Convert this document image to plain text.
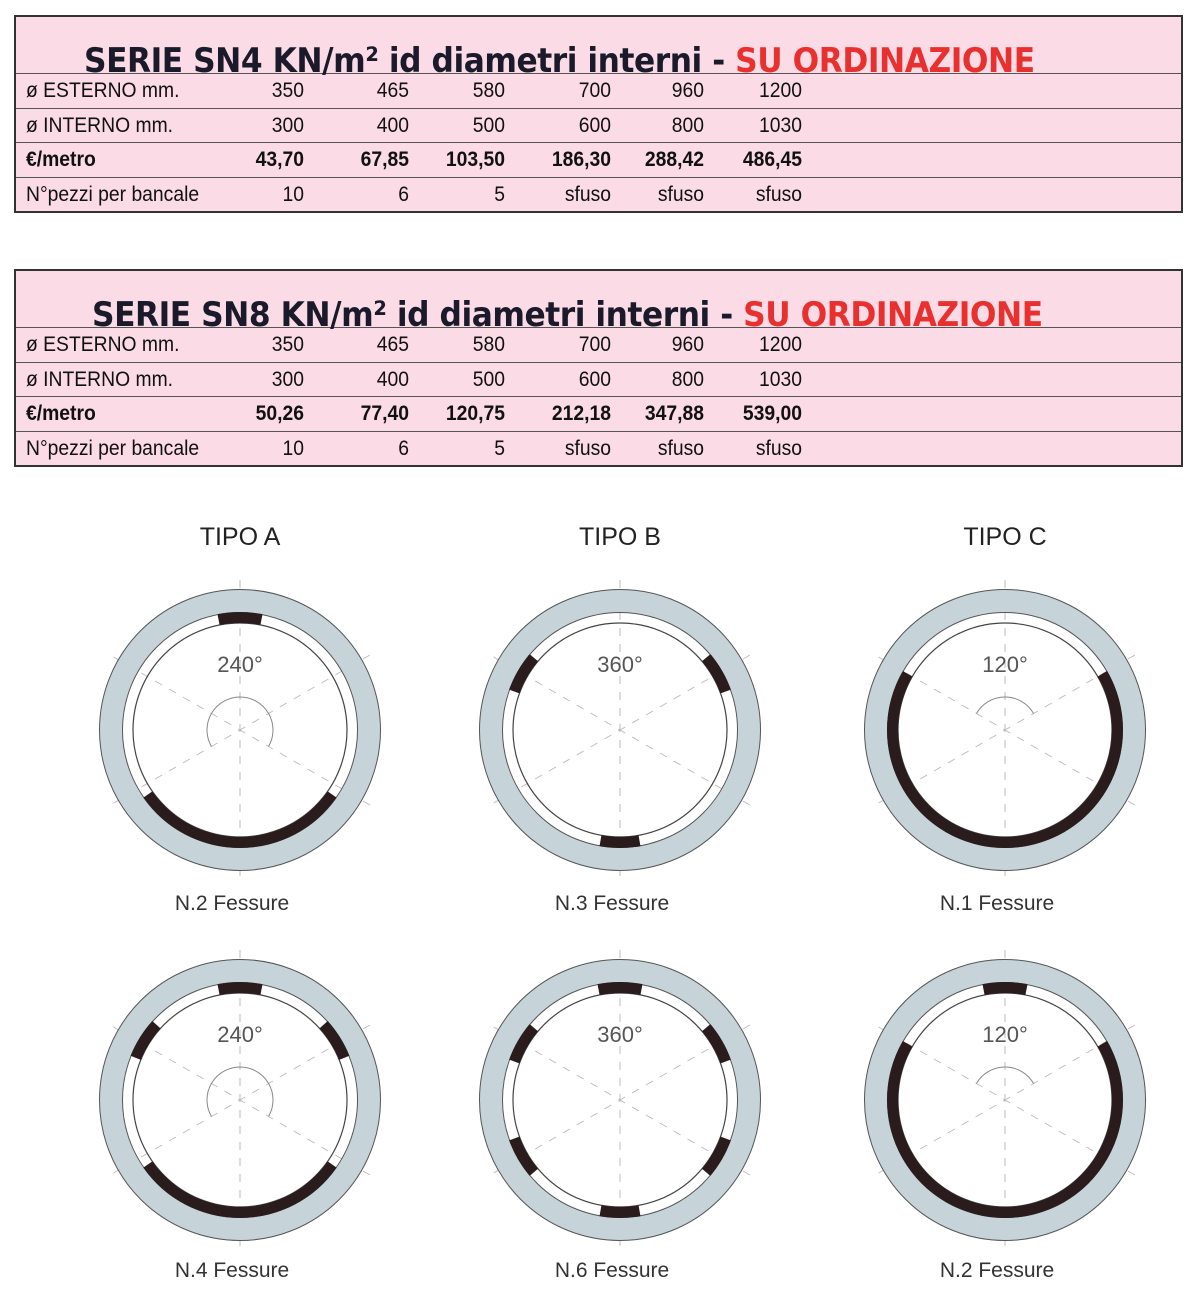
SERIE SN4 KN/m² id diametri interni - SU ORDINAZIONE
ø ESTERNO mm.	350	465	580	700	960	1200
ø INTERNO mm.	300	400	500	600	800	1030
€/metro	43,70	67,85	103,50	186,30	288,42	486,45
N°pezzi per bancale	10	6	5	sfuso	sfuso	sfuso
SERIE SN8 KN/m² id diametri interni - SU ORDINAZIONE
ø ESTERNO mm.	350	465	580	700	960	1200
ø INTERNO mm.	300	400	500	600	800	1030
€/metro	50,26	77,40	120,75	212,18	347,88	539,00
N°pezzi per bancale	10	6	5	sfuso	sfuso	sfuso
TIPO A
240°
N.2 Fessure
240°
N.4 Fessure
TIPO B
360°
N.3 Fessure
360°
N.6 Fessure
TIPO C
120°
N.1 Fessure
120°
N.2 Fessure
